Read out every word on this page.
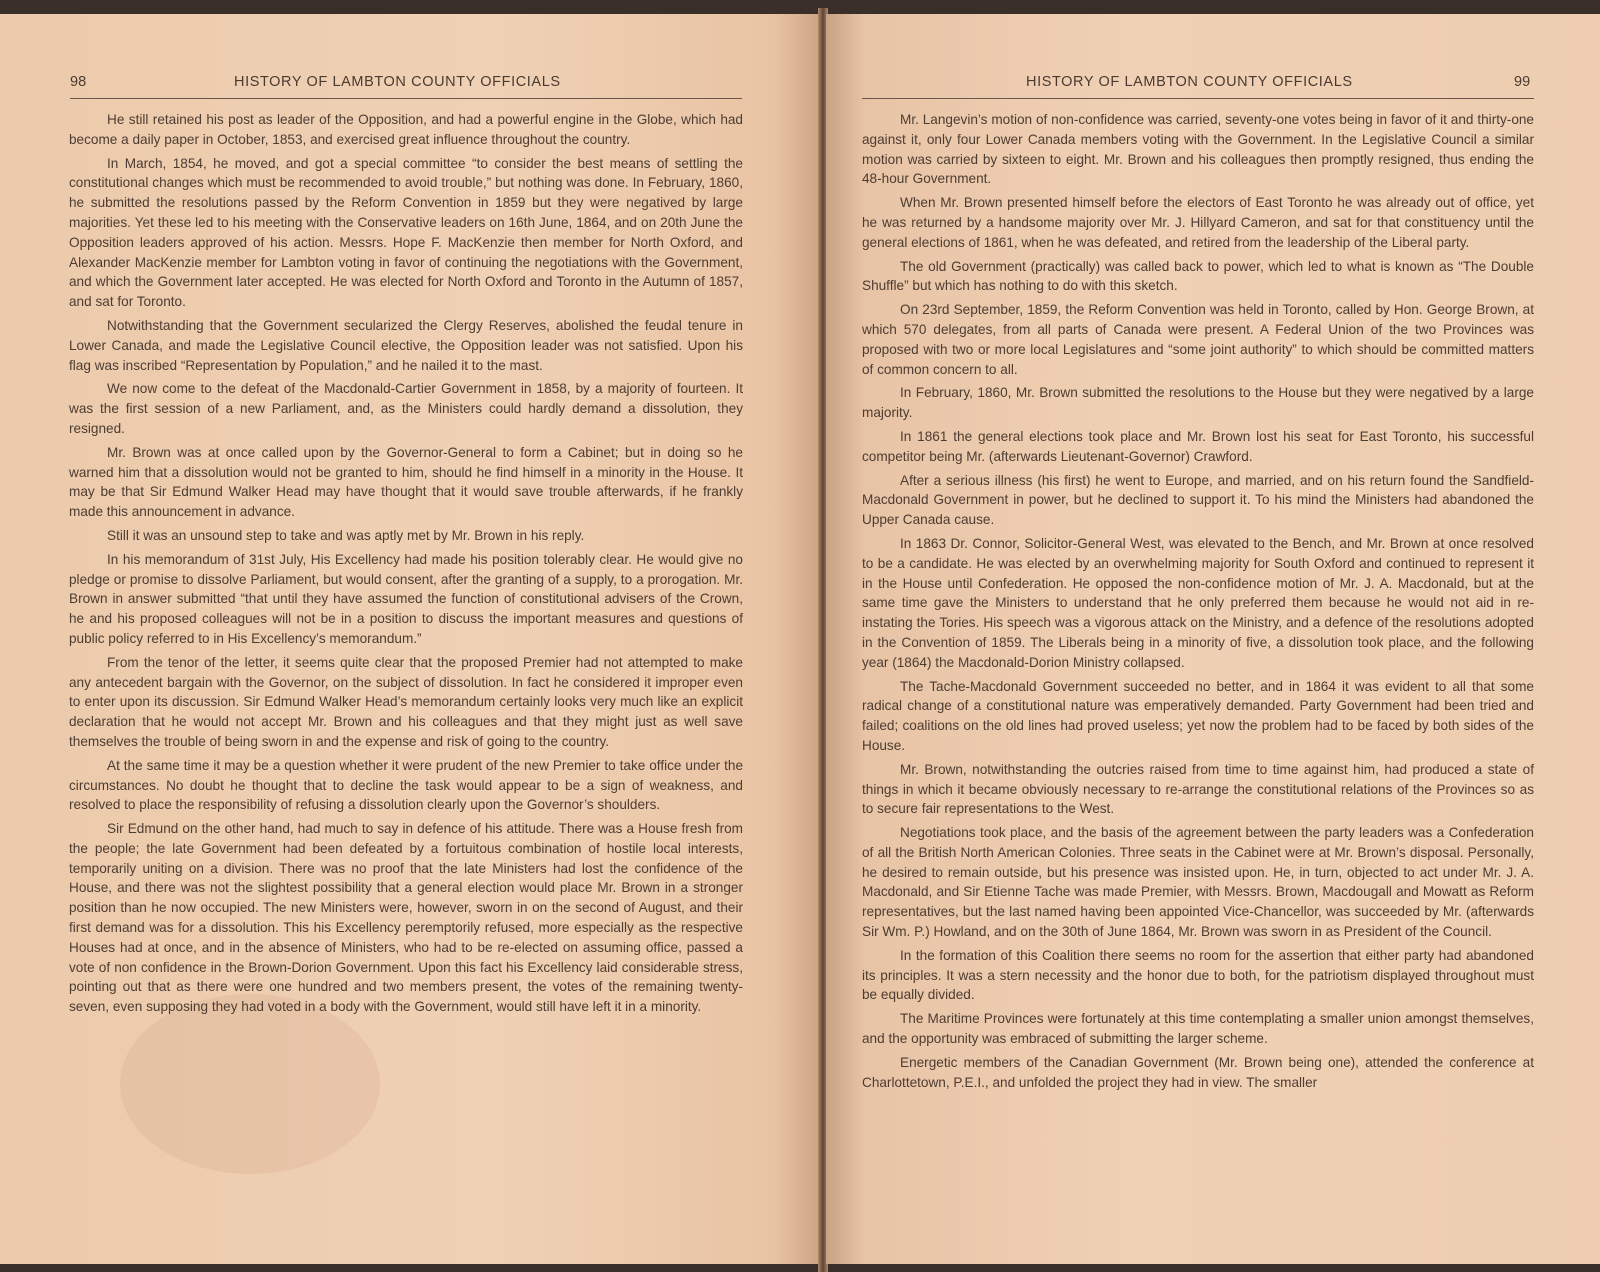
98	HISTORY OF LAMBTON COUNTY OFFICIALS

He still retained his post as leader of the Opposition, and had a powerful engine in the Globe, which had become a daily paper in October, 1853, and exercised great influence throughout the country.

In March, 1854, he moved, and got a special committee “to consider the best means of settling the constitutional changes which must be recommended to avoid trouble,” but nothing was done. In February, 1860, he submitted the resolutions passed by the Reform Convention in 1859 but they were negatived by large majorities. Yet these led to his meeting with the Conservative leaders on 16th June, 1864, and on 20th June the Opposition leaders approved of his action. Messrs. Hope F. MacKenzie then member for North Oxford, and Alexander MacKenzie member for Lambton voting in favor of continuing the negotiations with the Government, and which the Government later accepted. He was elected for North Oxford and Toronto in the Autumn of 1857, and sat for Toronto.

Notwithstanding that the Government secularized the Clergy Reserves, abolished the feudal tenure in Lower Canada, and made the Legislative Council elective, the Opposition leader was not satisfied. Upon his flag was inscribed “Representation by Population,” and he nailed it to the mast.

We now come to the defeat of the Macdonald-Cartier Government in 1858, by a majority of fourteen. It was the first session of a new Parliament, and, as the Ministers could hardly demand a dissolution, they resigned.

Mr. Brown was at once called upon by the Governor-General to form a Cabinet; but in doing so he warned him that a dissolution would not be granted to him, should he find himself in a minority in the House. It may be that Sir Edmund Walker Head may have thought that it would save trouble afterwards, if he frankly made this announcement in advance.

Still it was an unsound step to take and was aptly met by Mr. Brown in his reply.

In his memorandum of 31st July, His Excellency had made his position tolerably clear. He would give no pledge or promise to dissolve Parliament, but would consent, after the granting of a supply, to a prorogation. Mr. Brown in answer submitted “that until they have assumed the function of constitutional advisers of the Crown, he and his proposed colleagues will not be in a position to discuss the important measures and questions of public policy referred to in His Excellency’s memorandum.”

From the tenor of the letter, it seems quite clear that the proposed Premier had not attempted to make any antecedent bargain with the Governor, on the subject of dissolution. In fact he considered it improper even to enter upon its discussion. Sir Edmund Walker Head’s memorandum certainly looks very much like an explicit declaration that he would not accept Mr. Brown and his colleagues and that they might just as well save themselves the trouble of being sworn in and the expense and risk of going to the country.

At the same time it may be a question whether it were prudent of the new Premier to take office under the circumstances. No doubt he thought that to decline the task would appear to be a sign of weakness, and resolved to place the responsibility of refusing a dissolution clearly upon the Governor’s shoulders.

Sir Edmund on the other hand, had much to say in defence of his attitude. There was a House fresh from the people; the late Government had been defeated by a fortuitous combination of hostile local interests, temporarily uniting on a division. There was no proof that the late Ministers had lost the confidence of the House, and there was not the slightest possibility that a general election would place Mr. Brown in a stronger position than he now occupied. The new Ministers were, however, sworn in on the second of August, and their first demand was for a dissolution. This his Excellency peremptorily refused, more especially as the respective Houses had at once, and in the absence of Ministers, who had to be re-elected on assuming office, passed a vote of non confidence in the Brown-Dorion Government. Upon this fact his Excellency laid considerable stress, pointing out that as there were one hundred and two members present, the votes of the remaining twenty-seven, even supposing they had voted in a body with the Government, would still have left it in a minority.

HISTORY OF LAMBTON COUNTY OFFICIALS	99

Mr. Langevin’s motion of non-confidence was carried, seventy-one votes being in favor of it and thirty-one against it, only four Lower Canada members voting with the Government. In the Legislative Council a similar motion was carried by sixteen to eight. Mr. Brown and his colleagues then promptly resigned, thus ending the 48-hour Government.

When Mr. Brown presented himself before the electors of East Toronto he was already out of office, yet he was returned by a handsome majority over Mr. J. Hillyard Cameron, and sat for that constituency until the general elections of 1861, when he was defeated, and retired from the leadership of the Liberal party.

The old Government (practically) was called back to power, which led to what is known as “The Double Shuffle” but which has nothing to do with this sketch.

On 23rd September, 1859, the Reform Convention was held in Toronto, called by Hon. George Brown, at which 570 delegates, from all parts of Canada were present. A Federal Union of the two Provinces was proposed with two or more local Legislatures and “some joint authority” to which should be committed matters of common concern to all.

In February, 1860, Mr. Brown submitted the resolutions to the House but they were negatived by a large majority.

In 1861 the general elections took place and Mr. Brown lost his seat for East Toronto, his successful competitor being Mr. (afterwards Lieutenant-Governor) Crawford.

After a serious illness (his first) he went to Europe, and married, and on his return found the Sandfield-Macdonald Government in power, but he declined to support it. To his mind the Ministers had abandoned the Upper Canada cause.

In 1863 Dr. Connor, Solicitor-General West, was elevated to the Bench, and Mr. Brown at once resolved to be a candidate. He was elected by an overwhelming majority for South Oxford and continued to represent it in the House until Confederation. He opposed the non-confidence motion of Mr. J. A. Macdonald, but at the same time gave the Ministers to understand that he only preferred them because he would not aid in re-instating the Tories. His speech was a vigorous attack on the Ministry, and a defence of the resolutions adopted in the Convention of 1859. The Liberals being in a minority of five, a dissolution took place, and the following year (1864) the Macdonald-Dorion Ministry collapsed.

The Tache-Macdonald Government succeeded no better, and in 1864 it was evident to all that some radical change of a constitutional nature was emperatively demanded. Party Government had been tried and failed; coalitions on the old lines had proved useless; yet now the problem had to be faced by both sides of the House.

Mr. Brown, notwithstanding the outcries raised from time to time against him, had produced a state of things in which it became obviously necessary to re-arrange the constitutional relations of the Provinces so as to secure fair representations to the West.

Negotiations took place, and the basis of the agreement between the party leaders was a Confederation of all the British North American Colonies. Three seats in the Cabinet were at Mr. Brown’s disposal. Personally, he desired to remain outside, but his presence was insisted upon. He, in turn, objected to act under Mr. J. A. Macdonald, and Sir Etienne Tache was made Premier, with Messrs. Brown, Macdougall and Mowatt as Reform representatives, but the last named having been appointed Vice-Chancellor, was succeeded by Mr. (afterwards Sir Wm. P.) Howland, and on the 30th of June 1864, Mr. Brown was sworn in as President of the Council.

In the formation of this Coalition there seems no room for the assertion that either party had abandoned its principles. It was a stern necessity and the honor due to both, for the patriotism displayed throughout must be equally divided.

The Maritime Provinces were fortunately at this time contemplating a smaller union amongst themselves, and the opportunity was embraced of submitting the larger scheme.

Energetic members of the Canadian Government (Mr. Brown being one), attended the conference at Charlottetown, P.E.I., and unfolded the project they had in view. The smaller
